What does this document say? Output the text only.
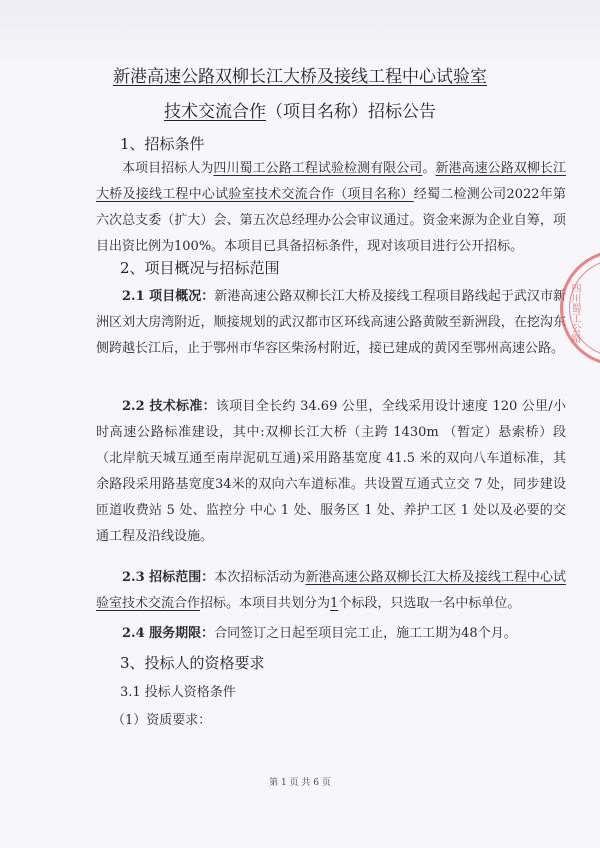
新港高速公路双柳长江大桥及接线工程中心试验室
技术交流合作（项目名称）招标公告
1、招标条件
本项目招标人为四川蜀工公路工程试验检测有限公司。新港高速公路双柳长江大桥及接线工程中心试验室技术交流合作（项目名称）经蜀二检测公司2022年第六次总支委（扩大）会、第五次总经理办公会审议通过。资金来源为企业自筹，项目出资比例为100%。本项目已具备招标条件，现对该项目进行公开招标。
2、项目概况与招标范围
2.1 项目概况：新港高速公路双柳长江大桥及接线工程项目路线起于武汉市新洲区刘大房湾附近，顺接规划的武汉都市区环线高速公路黄陂至新洲段，在挖沟东侧跨越长江后，止于鄂州市华容区柴汤村附近，接已建成的黄冈至鄂州高速公路。
2.2 技术标准：该项目全长约 34.69 公里，全线采用设计速度 120 公里/小时高速公路标准建设，其中:双柳长江大桥（主跨 1430m （暂定）悬索桥）段（北岸航天城互通至南岸泥矶互通)采用路基宽度 41.5 米的双向八车道标准，其余路段采用路基宽度34米的双向六车道标准。共设置互通式立交 7 处，同步建设匝道收费站 5 处、监控分 中心 1 处、服务区 1 处、养护工区 1 处以及必要的交通工程及沿线设施。
2.3 招标范围：本次招标活动为新港高速公路双柳长江大桥及接线工程中心试验室技术交流合作招标。本项目共划分为1个标段，只选取一名中标单位。
2.4 服务期限：合同签订之日起至项目完工止，施工工期为48个月。
3、投标人的资格要求
3.1 投标人资格条件
（1）资质要求：
第 1 页 共 6 页
四川蜀工公路
